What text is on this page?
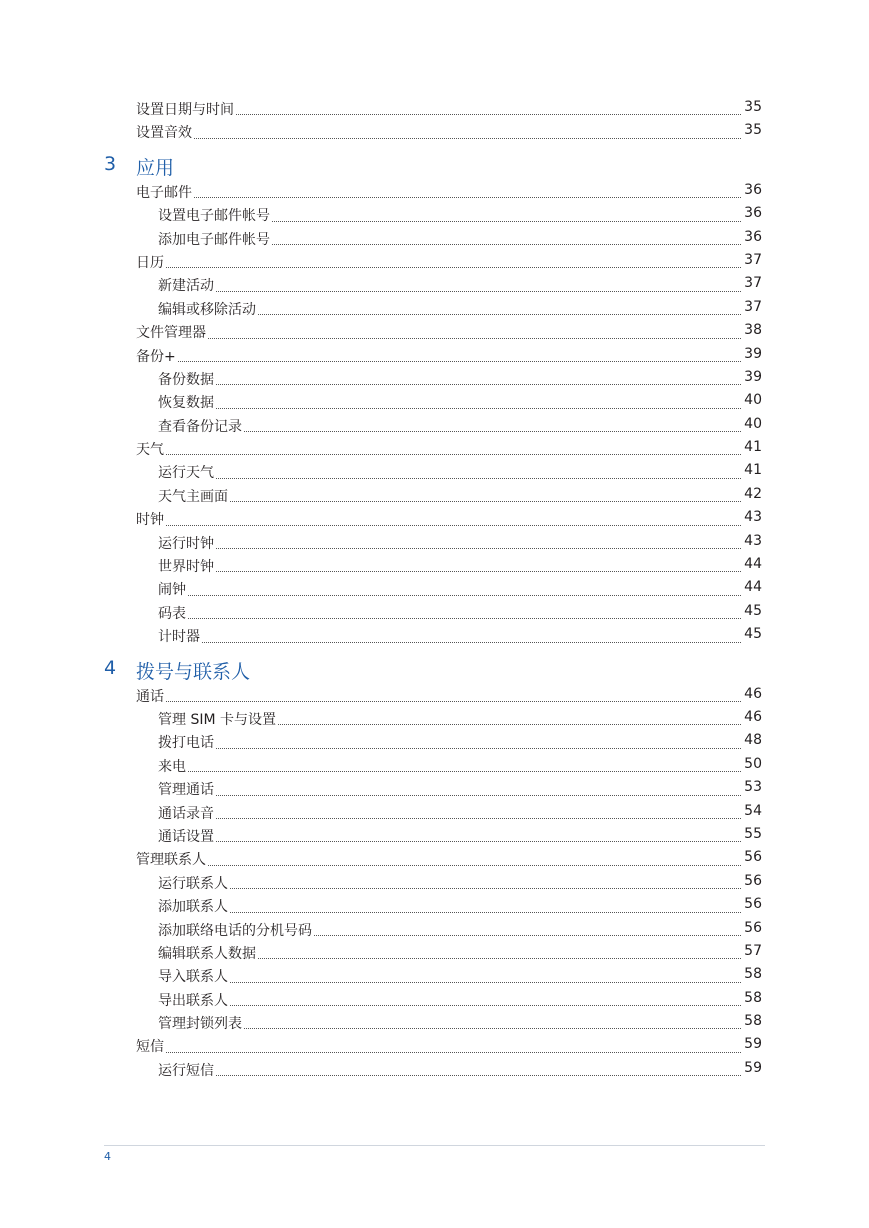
设置日期与时间	35
设置音效	35
3 应用
电子邮件	36
设置电子邮件帐号	36
添加电子邮件帐号	36
日历	37
新建活动	37
编辑或移除活动	37
文件管理器	38
备份+	39
备份数据	39
恢复数据	40
查看备份记录	40
天气	41
运行天气	41
天气主画面	42
时钟	43
运行时钟	43
世界时钟	44
闹钟	44
码表	45
计时器	45
4 拨号与联系人
通话	46
管理 SIM 卡与设置	46
拨打电话	48
来电	50
管理通话	53
通话录音	54
通话设置	55
管理联系人	56
运行联系人	56
添加联系人	56
添加联络电话的分机号码	56
编辑联系人数据	57
导入联系人	58
导出联系人	58
管理封锁列表	58
短信	59
运行短信	59
4
